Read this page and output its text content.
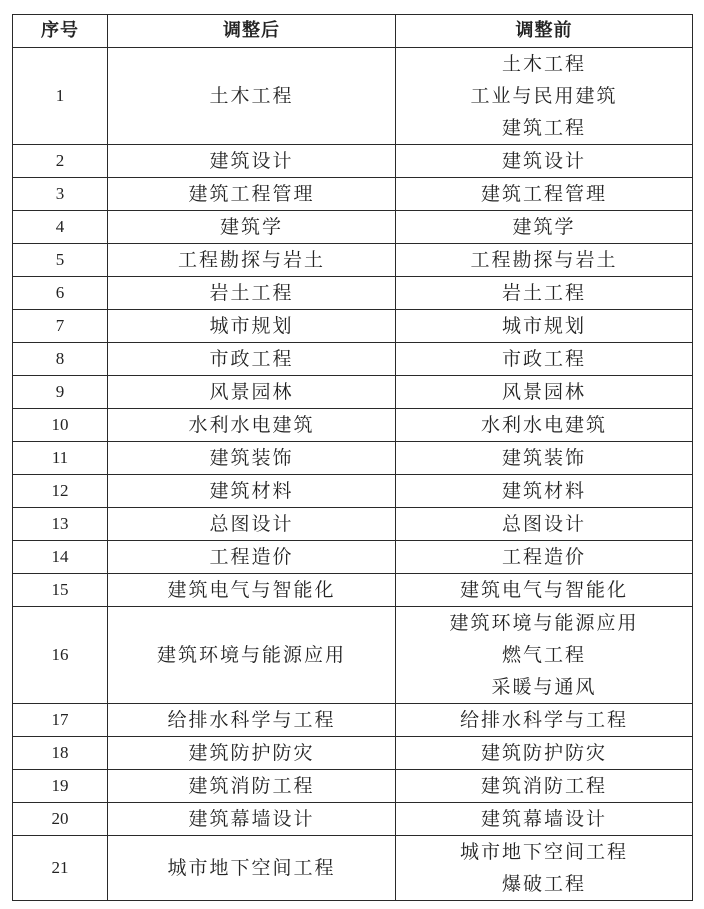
序号	调整后	调整前
1	土木工程	土木工程
工业与民用建筑
建筑工程

2	建筑设计	建筑设计

3	建筑工程管理	建筑工程管理

4	建筑学	建筑学

5	工程勘探与岩土	工程勘探与岩土

6	岩土工程	岩土工程

7	城市规划	城市规划

8	市政工程	市政工程

9	风景园林	风景园林

10	水利水电建筑	水利水电建筑

11	建筑装饰	建筑装饰

12	建筑材料	建筑材料

13	总图设计	总图设计

14	工程造价	工程造价

15	建筑电气与智能化	建筑电气与智能化

16	建筑环境与能源应用	建筑环境与能源应用
燃气工程
采暖与通风

17	给排水科学与工程	给排水科学与工程

18	建筑防护防灾	建筑防护防灾

19	建筑消防工程	建筑消防工程

20	建筑幕墙设计	建筑幕墙设计

21	城市地下空间工程	城市地下空间工程
爆破工程
